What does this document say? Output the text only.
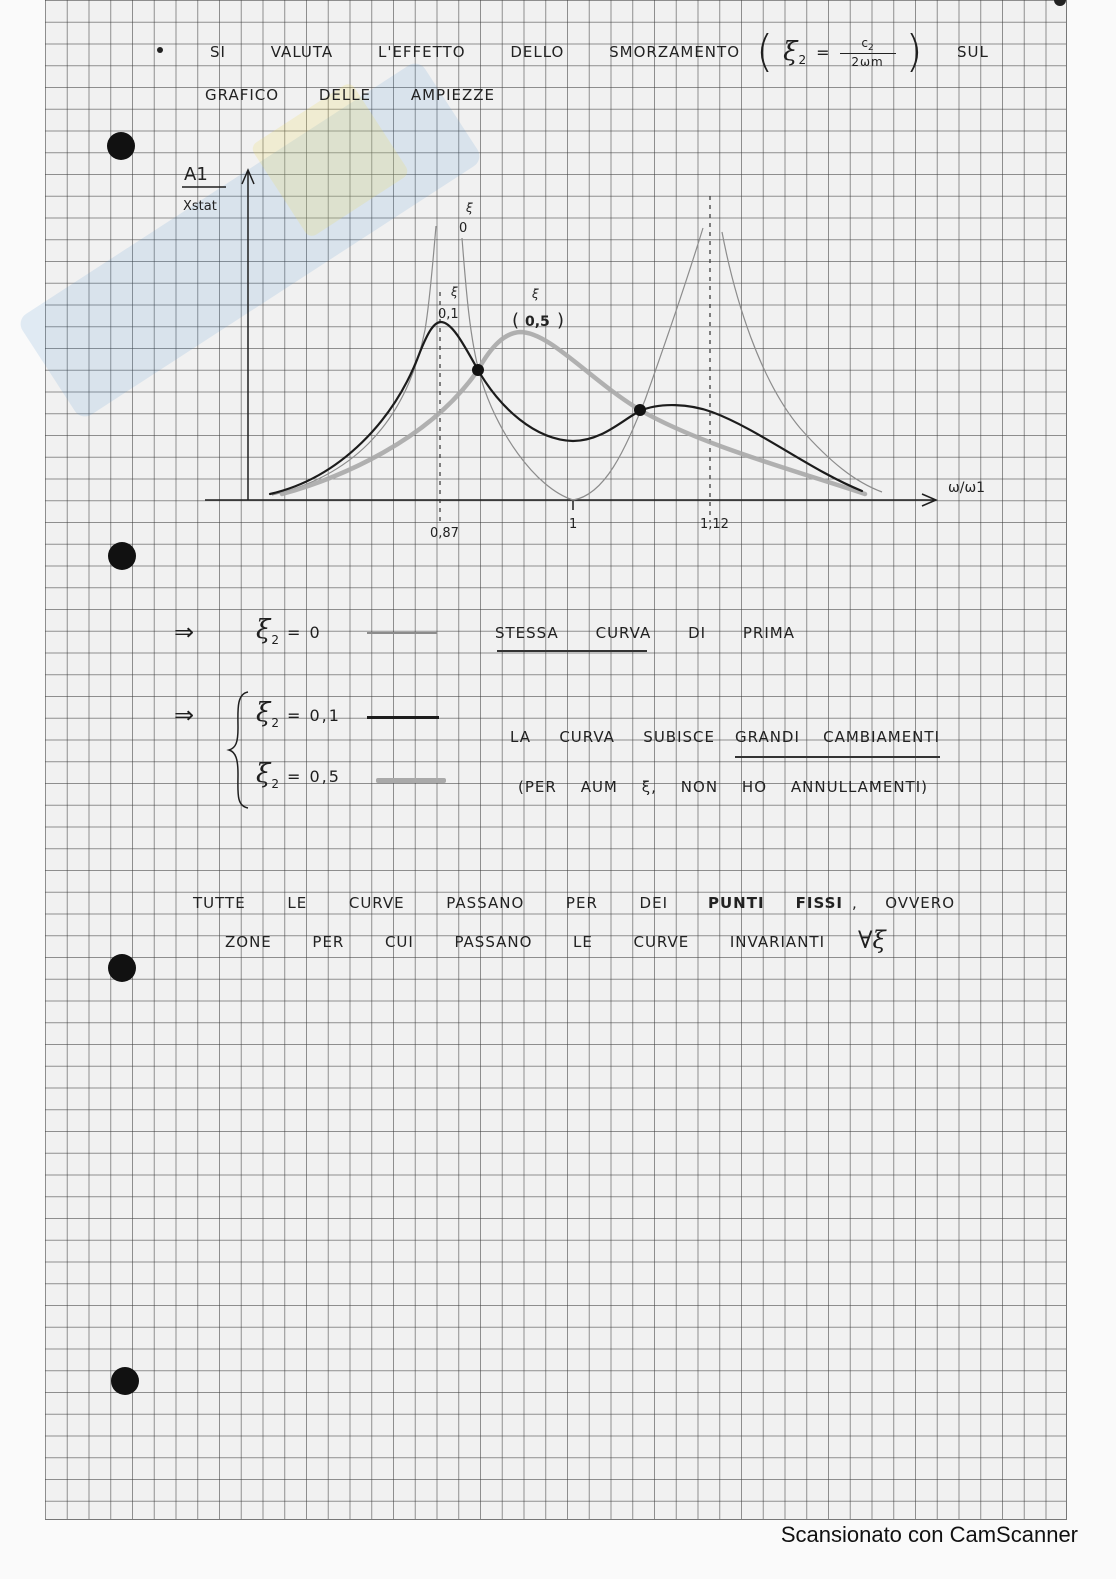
SI VALUTA L'EFFETTO DELLO SMORZAMENTO ( ξ $2 = \frac{c_2}{2\omega m}$ ) SUL
GRAFICO DELLE AMPIEZZE
A1
Xstat
ω/ω1
0,87
1	1,12
ξ
0
ξ
0,1	(
ξ
0,5 )
⇒ ξ 2 = 0	STESSA CURVA DI PRIMA
⇒ ξ 2 = 0,1
ξ 2 = 0,5
LA CURVA SUBISCE GRANDI CAMBIAMENTI
(PER AUM ξ, NON HO ANNULLAMENTI)
TUTTE LE CURVE PASSANO PER DEI	PUNTI FISSI , OVVERO
ZONE PER CUI PASSANO LE CURVE INVARIANTI ∀ξ
Scansionato con CamScanner
